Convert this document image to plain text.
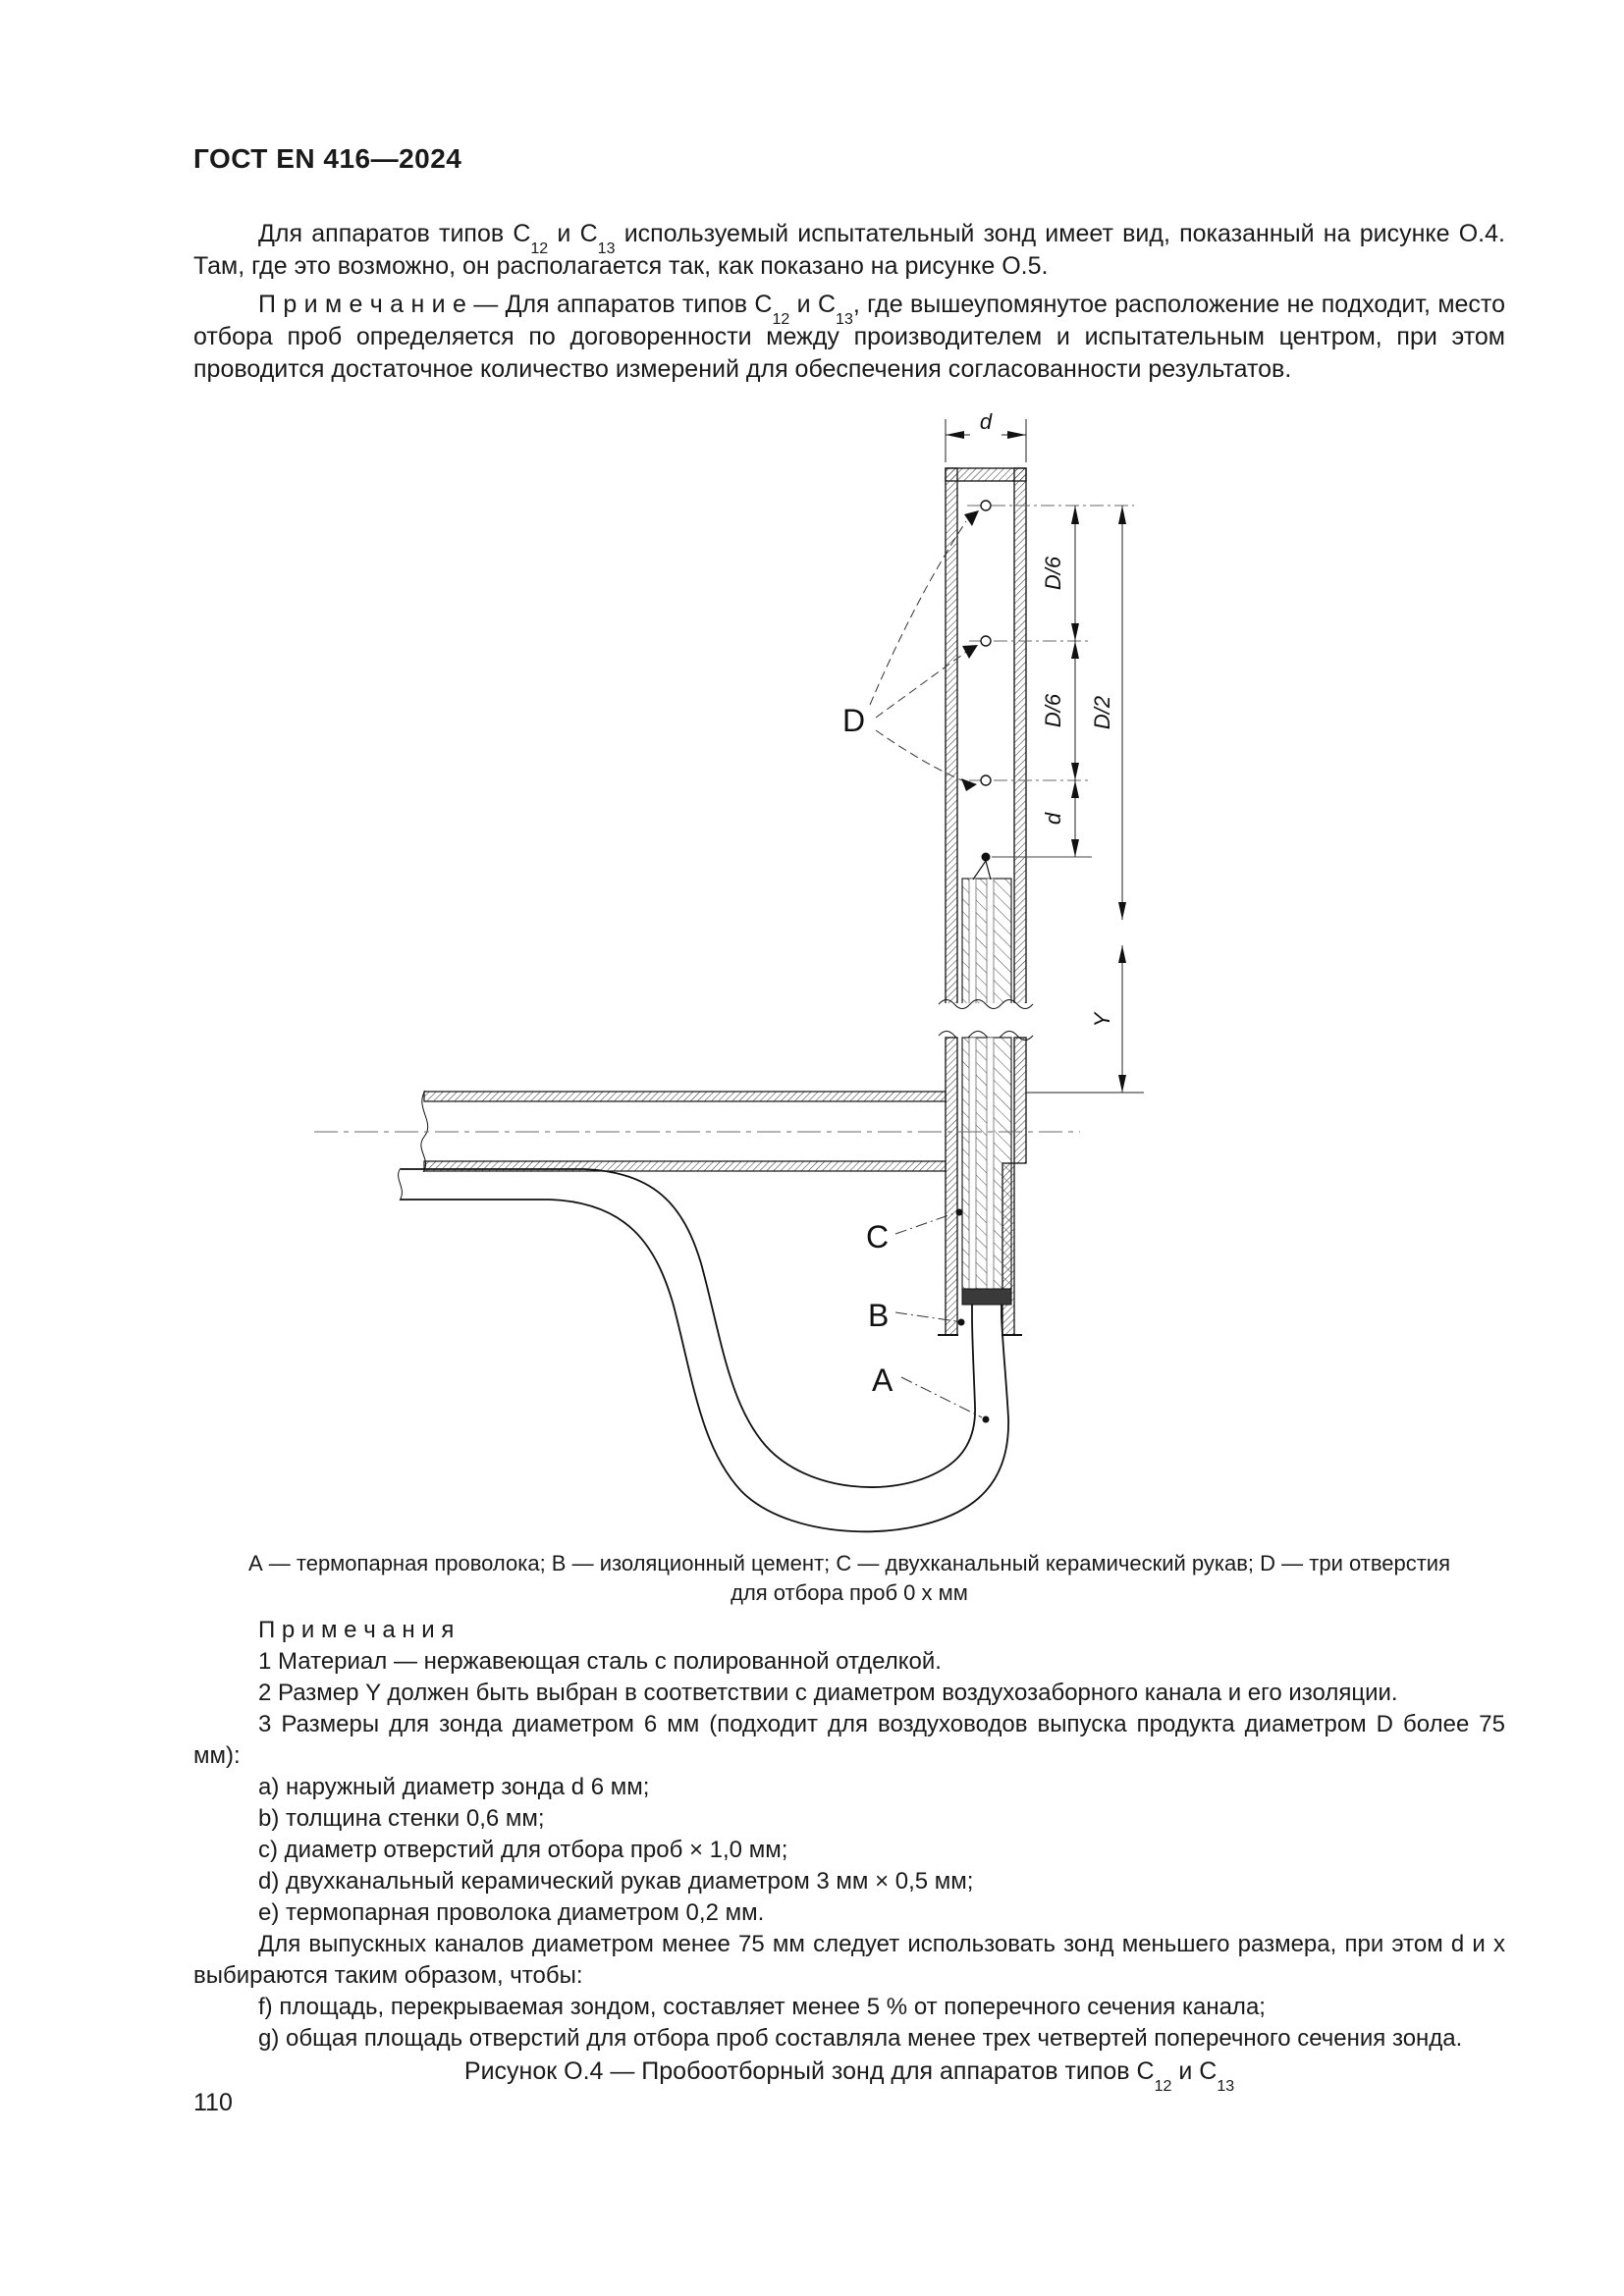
ГОСТ EN 416—2024
Для аппаратов типов $С_{12}$ и $С_{13}$ используемый испытательный зонд имеет вид, показанный на рисунке О.4. Там, где это возможно, он располагается так, как показано на рисунке О.5.
П р и м е ч а н и е — Для аппаратов типов $С_{12}$ и $С_{13}$, где вышеупомянутое расположение не подходит, место отбора проб определяется по договоренности между производителем и испытательным центром, при этом проводится достаточное количество измерений для обеспечения согласованности результатов.
d
D/6
D/6
d
D/2
Y
D
С
В
А
А — термопарная проволока; В — изоляционный цемент; С — двухканальный керамический рукав; D — три отверстия
для отбора проб 0 х мм

П р и м е ч а н и я

1 Материал — нержавеющая сталь с полированной отделкой.

2 Размер Y должен быть выбран в соответствии с диаметром воздухозаборного канала и его изоляции.

3 Размеры для зонда диаметром 6 мм (подходит для воздуховодов выпуска продукта диаметром D более 75 мм):

a) наружный диаметр зонда d 6 мм;

b) толщина стенки 0,6 мм;

c) диаметр отверстий для отбора проб × 1,0 мм;

d) двухканальный керамический рукав диаметром 3 мм × 0,5 мм;

e) термопарная проволока диаметром 0,2 мм.

Для выпускных каналов диаметром менее 75 мм следует использовать зонд меньшего размера, при этом d и х выбираются таким образом, чтобы:

f) площадь, перекрываемая зондом, составляет менее 5 % от поперечного сечения канала;

g) общая площадь отверстий для отбора проб составляла менее трех четвертей поперечного сечения зонда.

Рисунок О.4 — Пробоотборный зонд для аппаратов типов $С_{12}$ и $С_{13}$
110
